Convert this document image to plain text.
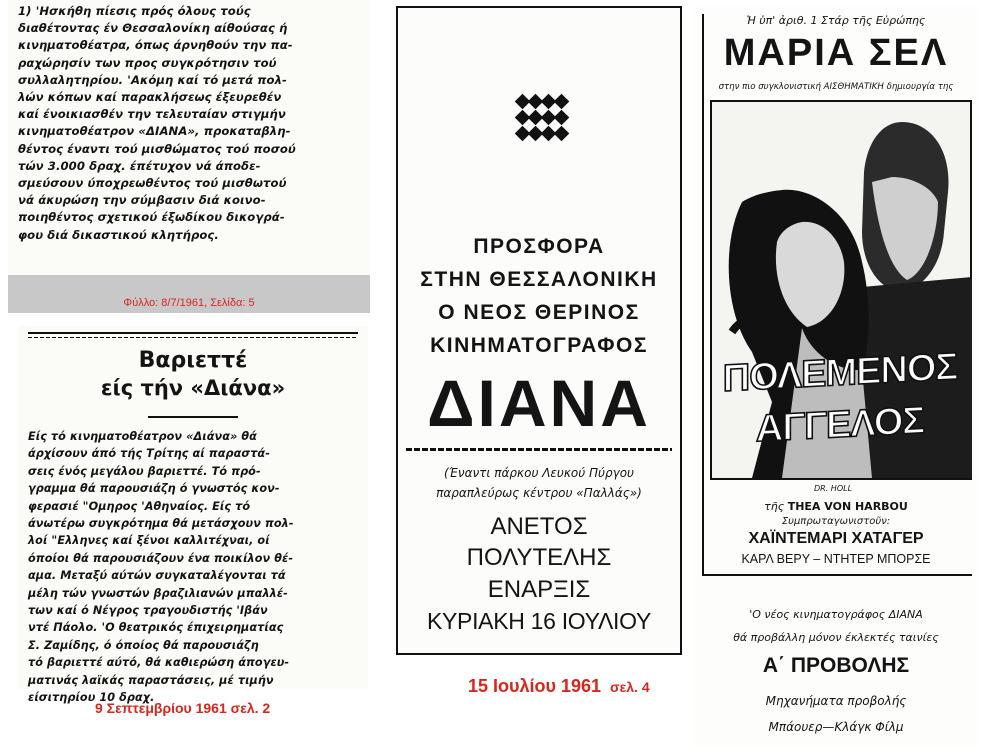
1) 'Ησκήθη πίεσις πρός όλους τούς
διαθέτοντας έν Θεσσαλονίκη αίθούσας ή
κινηματοθέατρα, όπως άρνηθούν την πα-
ραχώρησίν των προς συγκρότησιν τού
συλλαλητηρίου. 'Ακόμη καί τό μετά πολ-
λών κόπων καί παρακλήσεως έξευρεθέν
καί ένοικιασθέν την τελευταίαν στιγμήν
κινηματοθέατρον «ΔΙΑΝΑ», προκαταβλη-
θέντος έναντι τού μισθώματος τού ποσού
τών 3.000 δραχ. έπέτυχον νά άποδε-
σμεύσουν ύποχρεωθέντος τού μισθωτού
νά άκυρώση την σύμβασιν διά κοινο-
ποιηθέντος σχετικού έξωδίκου δικογρά-
φου διά δικαστικού κλητήρος.
Φύλλο: 8/7/1961, Σελίδα: 5
Βαριεττέ
είς τήν «Διάνα»
Είς τό κινηματοθέατρον «Διάνα» θά
άρχίσουν άπό τής Τρίτης αί παραστά-
σεις ένός μεγάλου βαριεττέ. Τό πρό-
γραμμα θά παρουσιάζη ό γνωστός κον-
φερασιέ "Ομηρος 'Αθηναίος. Είς τό
άνωτέρω συγκρότημα θά μετάσχουν πολ-
λοί "Ελληνες καί ξένοι καλλιτέχναι, οί
όποίοι θά παρουσιάζουν ένα ποικίλον θέ-
αμα. Μεταξύ αύτών συγκαταλέγονται τά
μέλη τών γνωστών βραζιλιανών μπαλλέ-
των καί ό Νέγρος τραγουδιστής 'Ιβάν
ντέ Πάολο. 'Ο θεατρικός έπιχειρηματίας
Σ. Ζαμίδης, ό όποίος θά παρουσιάζη
τό βαριεττέ αύτό, θά καθιερώση άπογευ-
ματινάς λαϊκάς παραστάσεις, μέ τιμήν
είσιτηρίου 10 δραχ.
9 Σεπτεμβρίου 1961 σελ. 2
ΠΡΟΣΦΟΡΑ
ΣΤΗΝ ΘΕΣΣΑΛΟΝΙΚΗ
Ο ΝΕΟΣ ΘΕΡΙΝΟΣ
ΚΙΝΗΜΑΤΟΓΡΑΦΟΣ
ΔΙΑΝΑ
(Έναντι πάρκου Λευκού Πύργου
παραπλεύρως κέντρου «Παλλάς»)
ΑΝΕΤΟΣ
ΠΟΛΥΤΕΛΗΣ
ΕΝΑΡΞΙΣ
ΚΥΡΙΑΚΗ 16 ΙΟΥΛΙΟΥ
15 Ιουλίου 1961 σελ. 4
Ἡ ὑπ' ἀριθ. 1 Στάρ τῆς Εὐρώπης
ΜΑΡΙΑ ΣΕΛ
στην πιο συγκλονιστική ΑΙΣΘΗΜΑΤΙΚΗ δημιουργία της
ΠΟΛΕΜΕΝΟΣ
ΑΓΓΕΛΟΣ
DR. HOLL
τῆς THEA VON HARBOU
Συμπρωταγωνιστοῦν:
ΧΑΪΝΤΕΜΑΡΙ ΧΑΤΑΓΕΡ
ΚΑΡΛ ΒΕΡΥ – ΝΤΗΤΕΡ ΜΠΟΡΣΕ
'Ο νέος κινηματογράφος ΔΙΑΝΑ
θά προβάλλη μόνον έκλεκτές ταινίες
Α΄ ΠΡΟΒΟΛΗΣ
Μηχανήματα προβολής
Μπάουερ—Κλάγκ Φίλμ
